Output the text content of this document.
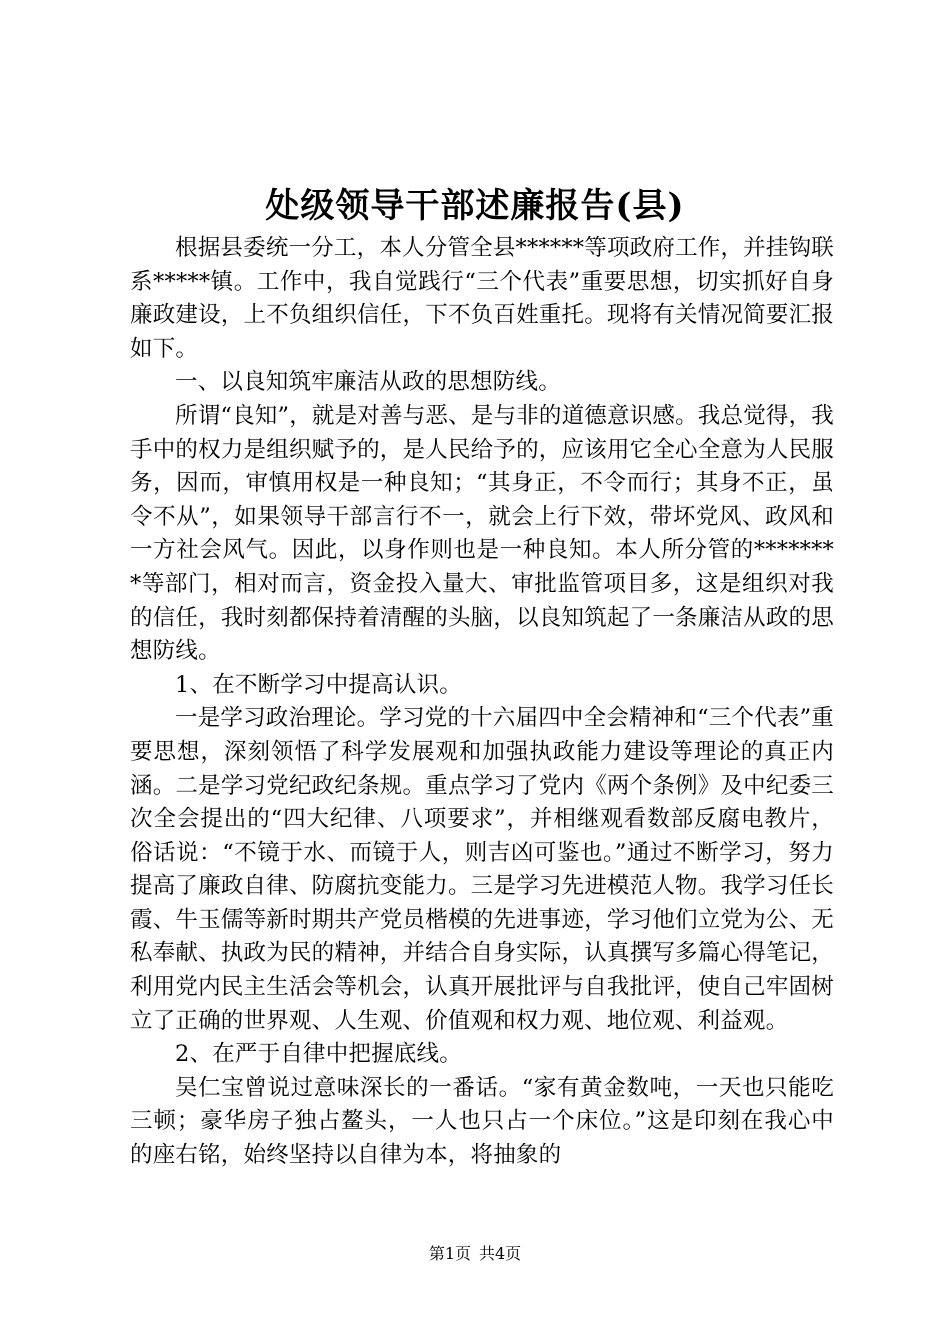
处级领导干部述廉报告(县)

根据县委统一分工，本人分管全县******等项政府工作，并挂钩联系*****镇。工作中，我自觉践行“三个代表”重要思想，切实抓好自身廉政建设，上不负组织信任，下不负百姓重托。现将有关情况简要汇报如下。

一、以良知筑牢廉洁从政的思想防线。

所谓“良知”，就是对善与恶、是与非的道德意识感。我总觉得，我手中的权力是组织赋予的，是人民给予的，应该用它全心全意为人民服务，因而，审慎用权是一种良知；“其身正，不令而行；其身不正，虽令不从”，如果领导干部言行不一，就会上行下效，带坏党风、政风和一方社会风气。因此，以身作则也是一种良知。本人所分管的********等部门，相对而言，资金投入量大、审批监管项目多，这是组织对我的信任，我时刻都保持着清醒的头脑，以良知筑起了一条廉洁从政的思想防线。

1、在不断学习中提高认识。

一是学习政治理论。学习党的十六届四中全会精神和“三个代表”重要思想，深刻领悟了科学发展观和加强执政能力建设等理论的真正内涵。二是学习党纪政纪条规。重点学习了党内《两个条例》及中纪委三次全会提出的“四大纪律、八项要求”，并相继观看数部反腐电教片，俗话说：“不镜于水、而镜于人，则吉凶可鉴也。”通过不断学习，努力提高了廉政自律、防腐抗变能力。三是学习先进模范人物。我学习任长霞、牛玉儒等新时期共产党员楷模的先进事迹，学习他们立党为公、无私奉献、执政为民的精神，并结合自身实际，认真撰写多篇心得笔记，利用党内民主生活会等机会，认真开展批评与自我批评，使自己牢固树立了正确的世界观、人生观、价值观和权力观、地位观、利益观。

2、在严于自律中把握底线。

吴仁宝曾说过意味深长的一番话。“家有黄金数吨，一天也只能吃三顿；豪华房子独占鳌头，一人也只占一个床位。”这是印刻在我心中的座右铭，始终坚持以自律为本，将抽象的

第1页 共4页
